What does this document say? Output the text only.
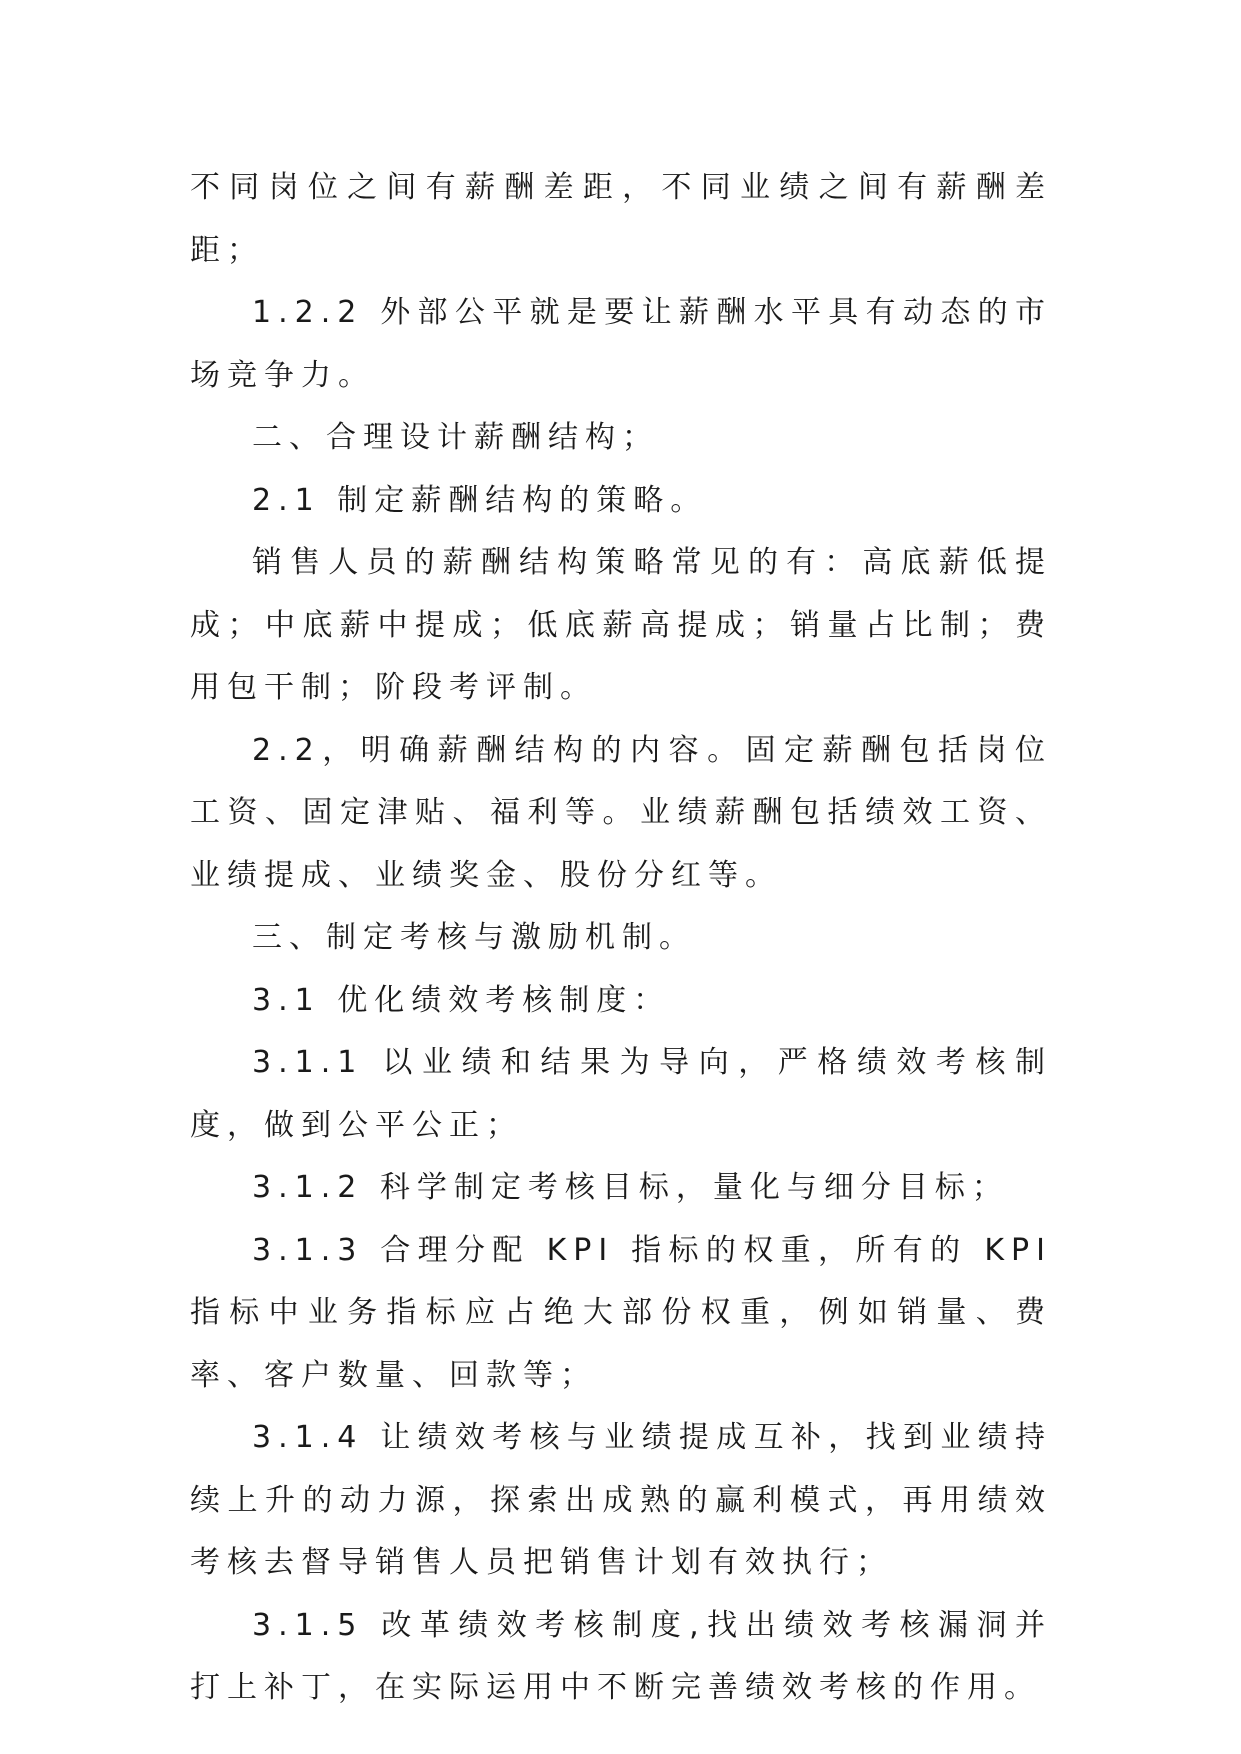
不同岗位之间有薪酬差距，不同业绩之间有薪酬差距；

1.2.2 外部公平就是要让薪酬水平具有动态的市场竞争力。

二、合理设计薪酬结构；

2.1 制定薪酬结构的策略。

销售人员的薪酬结构策略常见的有：高底薪低提成；中底薪中提成；低底薪高提成；销量占比制；费用包干制；阶段考评制。

2.2，明确薪酬结构的内容。固定薪酬包括岗位工资、固定津贴、福利等。业绩薪酬包括绩效工资、业绩提成、业绩奖金、股份分红等。

三、制定考核与激励机制。

3.1 优化绩效考核制度：

3.1.1 以业绩和结果为导向，严格绩效考核制度，做到公平公正；

3.1.2 科学制定考核目标，量化与细分目标；

3.1.3 合理分配 KPI 指标的权重，所有的 KPI 指标中业务指标应占绝大部份权重，例如销量、费率、客户数量、回款等；

3.1.4 让绩效考核与业绩提成互补，找到业绩持续上升的动力源，探索出成熟的赢利模式，再用绩效考核去督导销售人员把销售计划有效执行；

3.1.5 改革绩效考核制度,找出绩效考核漏洞并打上补丁，在实际运用中不断完善绩效考核的作用。
